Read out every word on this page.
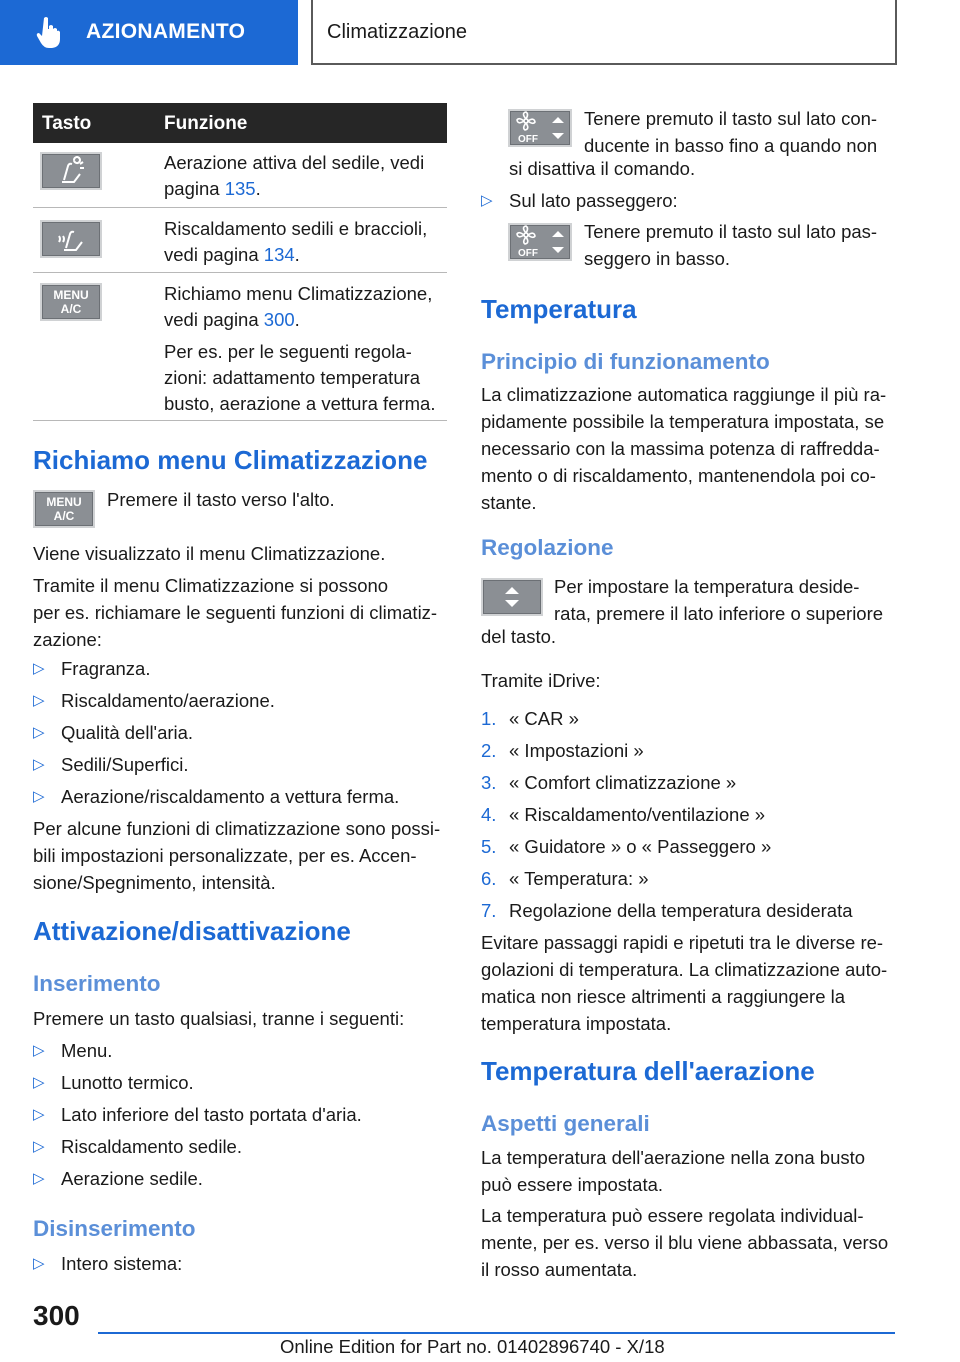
AZIONAMENTO	Climatizzazione
Tasto	Funzione
Aerazione attiva del sedile, vedi
pagina 135.
Riscaldamento sedili e braccioli,
vedi pagina 134.
MENU
A/C
Richiamo menu Climatizzazione,
vedi pagina 300.
Per es. per le seguenti regola-
zioni: adattamento temperatura
busto, aerazione a vettura ferma.
Richiamo menu Climatizzazione
MENU
A/C
Premere il tasto verso l'alto.
Viene visualizzato il menu Climatizzazione.
Tramite il menu Climatizzazione si possono
per es. richiamare le seguenti funzioni di climatiz-
zazione:
▷ Fragranza.
▷ Riscaldamento/aerazione.
▷ Qualità dell'aria.
▷ Sedili/Superfici.
▷ Aerazione/riscaldamento a vettura ferma.
Per alcune funzioni di climatizzazione sono possi-
bili impostazioni personalizzate, per es. Accen-
sione/Spegnimento, intensità.
Attivazione/disattivazione
Inserimento
Premere un tasto qualsiasi, tranne i seguenti:
▷ Menu.
▷ Lunotto termico.
▷ Lato inferiore del tasto portata d'aria.
▷ Riscaldamento sedile.
▷ Aerazione sedile.
Disinserimento
▷ Intero sistema:
OFF
Tenere premuto il tasto sul lato con-
ducente in basso fino a quando non
si disattiva il comando.
▷ Sul lato passeggero:
OFF
Tenere premuto il tasto sul lato pas-
seggero in basso.
Temperatura
Principio di funzionamento
La climatizzazione automatica raggiunge il più ra-
pidamente possibile la temperatura impostata, se
necessario con la massima potenza di raffredda-
mento o di riscaldamento, mantenendola poi co-
stante.
Regolazione
Per impostare la temperatura deside-
rata, premere il lato inferiore o superiore
del tasto.
Tramite iDrive:
1. « CAR »
2. « Impostazioni »
3. « Comfort climatizzazione »
4. « Riscaldamento/ventilazione »
5. « Guidatore » o « Passeggero »
6. « Temperatura: »
7. Regolazione della temperatura desiderata
Evitare passaggi rapidi e ripetuti tra le diverse re-
golazioni di temperatura. La climatizzazione auto-
matica non riesce altrimenti a raggiungere la
temperatura impostata.
Temperatura dell'aerazione
Aspetti generali
La temperatura dell'aerazione nella zona busto
può essere impostata.
La temperatura può essere regolata individual-
mente, per es. verso il blu viene abbassata, verso
il rosso aumentata.
300
Online Edition for Part no. 01402896740 - X/18
